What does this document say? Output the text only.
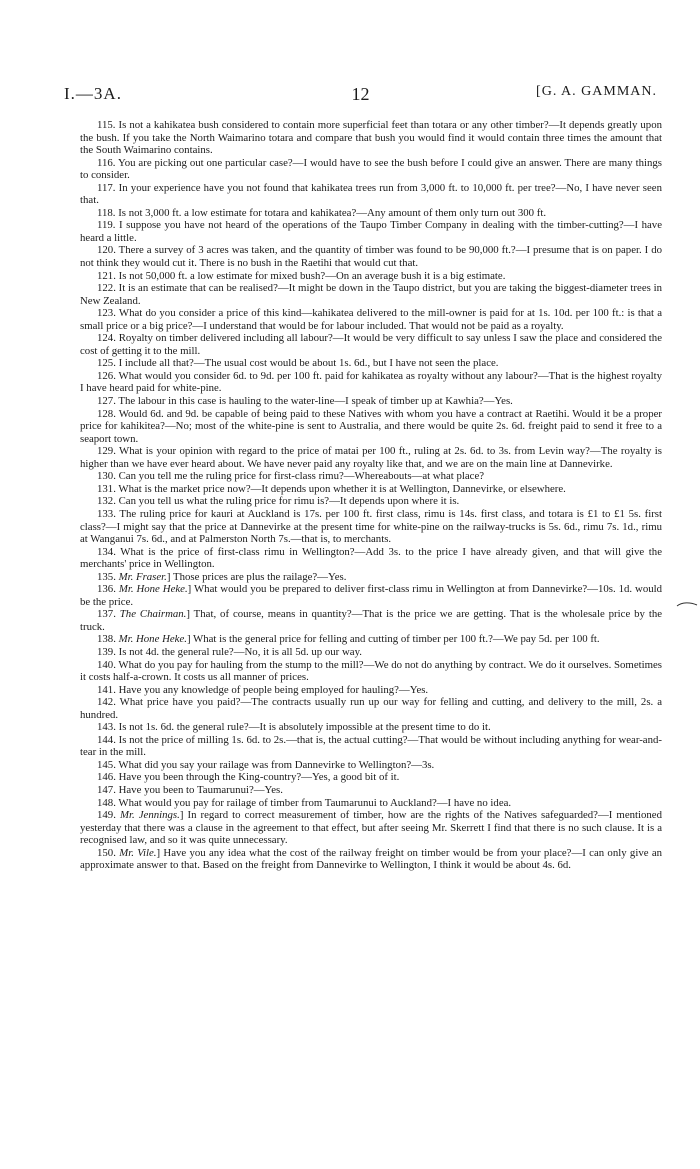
I.—3A.	12	[G. A. GAMMAN.

115. Is not a kahikatea bush considered to contain more superficial feet than totara or any other timber?—It depends greatly upon the bush. If you take the North Waimarino totara and compare that bush you would find it would contain three times the amount that the South Waimarino contains.

116. You are picking out one particular case?—I would have to see the bush before I could give an answer. There are many things to consider.

117. In your experience have you not found that kahikatea trees run from 3,000 ft. to 10,000 ft. per tree?—No, I have never seen that.

118. Is not 3,000 ft. a low estimate for totara and kahikatea?—Any amount of them only turn out 300 ft.

119. I suppose you have not heard of the operations of the Taupo Timber Company in dealing with the timber-cutting?—I have heard a little.

120. There a survey of 3 acres was taken, and the quantity of timber was found to be 90,000 ft.?—I presume that is on paper. I do not think they would cut it. There is no bush in the Raetihi that would cut that.

121. Is not 50,000 ft. a low estimate for mixed bush?—On an average bush it is a big estimate.

122. It is an estimate that can be realised?—It might be down in the Taupo district, but you are taking the biggest-diameter trees in New Zealand.

123. What do you consider a price of this kind—kahikatea delivered to the mill-owner is paid for at 1s. 10d. per 100 ft.: is that a small price or a big price?—I understand that would be for labour included. That would not be paid as a royalty.

124. Royalty on timber delivered including all labour?—It would be very difficult to say unless I saw the place and considered the cost of getting it to the mill.

125. I include all that?—The usual cost would be about 1s. 6d., but I have not seen the place.

126. What would you consider 6d. to 9d. per 100 ft. paid for kahikatea as royalty without any labour?—That is the highest royalty I have heard paid for white-pine.

127. The labour in this case is hauling to the water-line—I speak of timber up at Kawhia?—Yes.

128. Would 6d. and 9d. be capable of being paid to these Natives with whom you have a contract at Raetihi. Would it be a proper price for kahikitea?—No; most of the white-pine is sent to Australia, and there would be quite 2s. 6d. freight paid to send it free to a seaport town.

129. What is your opinion with regard to the price of matai per 100 ft., ruling at 2s. 6d. to 3s. from Levin way?—The royalty is higher than we have ever heard about. We have never paid any royalty like that, and we are on the main line at Dannevirke.

130. Can you tell me the ruling price for first-class rimu?—Whereabouts—at what place?

131. What is the market price now?—It depends upon whether it is at Wellington, Dannevirke, or elsewhere.

132. Can you tell us what the ruling price for rimu is?—It depends upon where it is.

133. The ruling price for kauri at Auckland is 17s. per 100 ft. first class, rimu is 14s. first class, and totara is £1 to £1 5s. first class?—I might say that the price at Dannevirke at the present time for white-pine on the railway-trucks is 5s. 6d., rimu 7s. 1d., rimu at Wanganui 7s. 6d., and at Palmerston North 7s.—that is, to merchants.

134. What is the price of first-class rimu in Wellington?—Add 3s. to the price I have already given, and that will give the merchants' price in Wellington.

135. Mr. Fraser.] Those prices are plus the railage?—Yes.

136. Mr. Hone Heke.] What would you be prepared to deliver first-class rimu in Wellington at from Dannevirke?—10s. 1d. would be the price.

137. The Chairman.] That, of course, means in quantity?—That is the price we are getting. That is the wholesale price by the truck.

138. Mr. Hone Heke.] What is the general price for felling and cutting of timber per 100 ft.?—We pay 5d. per 100 ft.

139. Is not 4d. the general rule?—No, it is all 5d. up our way.

140. What do you pay for hauling from the stump to the mill?—We do not do anything by contract. We do it ourselves. Sometimes it costs half-a-crown. It costs us all manner of prices.

141. Have you any knowledge of people being employed for hauling?—Yes.

142. What price have you paid?—The contracts usually run up our way for felling and cutting, and delivery to the mill, 2s. a hundred.

143. Is not 1s. 6d. the general rule?—It is absolutely impossible at the present time to do it.

144. Is not the price of milling 1s. 6d. to 2s.—that is, the actual cutting?—That would be without including anything for wear-and-tear in the mill.

145. What did you say your railage was from Dannevirke to Wellington?—3s.

146. Have you been through the King-country?—Yes, a good bit of it.

147. Have you been to Taumarunui?—Yes.

148. What would you pay for railage of timber from Taumarunui to Auckland?—I have no idea.

149. Mr. Jennings.] In regard to correct measurement of timber, how are the rights of the Natives safeguarded?—I mentioned yesterday that there was a clause in the agreement to that effect, but after seeing Mr. Skerrett I find that there is no such clause. It is a recognised law, and so it was quite unnecessary.

150. Mr. Vile.] Have you any idea what the cost of the railway freight on timber would be from your place?—I can only give an approximate answer to that. Based on the freight from Dannevirke to Wellington, I think it would be about 4s. 6d.
